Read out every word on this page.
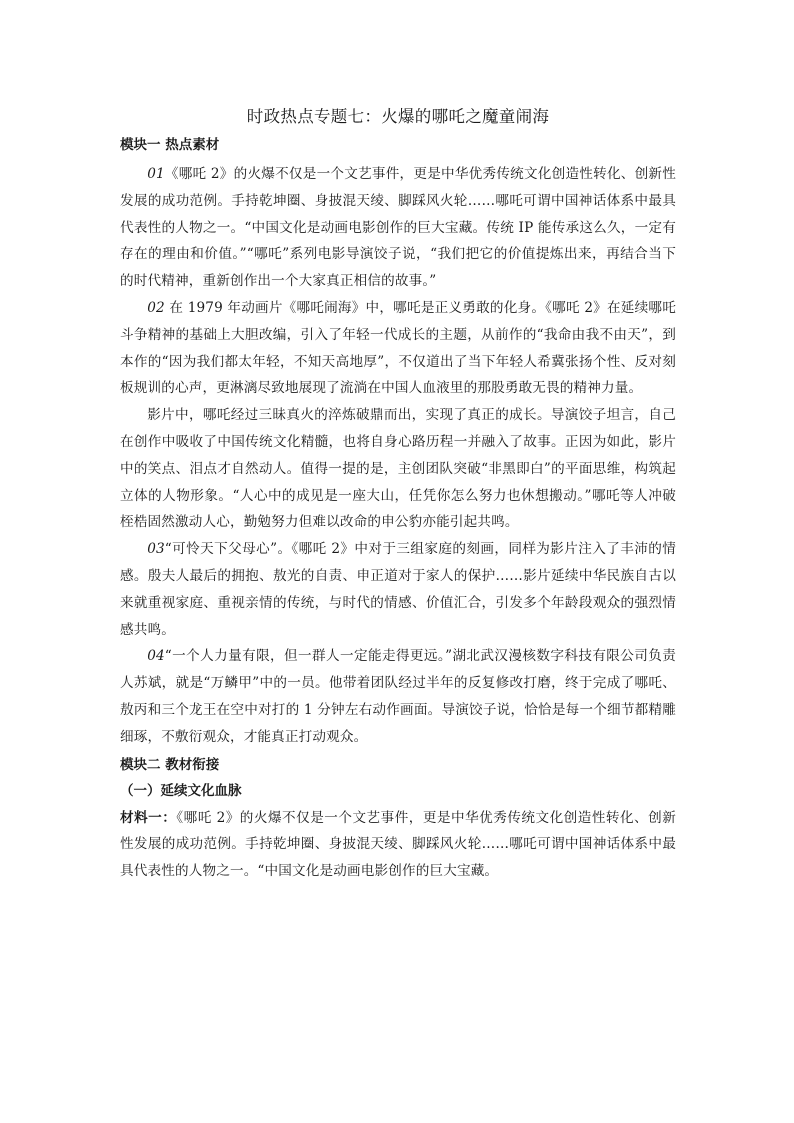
时政热点专题七：火爆的哪吒之魔童闹海
模块一 热点素材

01《哪吒 2》的火爆不仅是一个文艺事件，更是中华优秀传统文化创造性转化、创新性发展的成功范例。手持乾坤圈、身披混天绫、脚踩风火轮……哪吒可谓中国神话体系中最具代表性的人物之一。“中国文化是动画电影创作的巨大宝藏。传统 IP 能传承这么久，一定有存在的理由和价值。”“哪吒”系列电影导演饺子说，“我们把它的价值提炼出来，再结合当下的时代精神，重新创作出一个大家真正相信的故事。”

02 在 1979 年动画片《哪吒闹海》中，哪吒是正义勇敢的化身。《哪吒 2》在延续哪吒斗争精神的基础上大胆改编，引入了年轻一代成长的主题，从前作的“我命由我不由天”，到本作的“因为我们都太年轻，不知天高地厚”，不仅道出了当下年轻人希冀张扬个性、反对刻板规训的心声，更淋漓尽致地展现了流淌在中国人血液里的那股勇敢无畏的精神力量。

影片中，哪吒经过三昧真火的淬炼破鼎而出，实现了真正的成长。导演饺子坦言，自己在创作中吸收了中国传统文化精髓，也将自身心路历程一并融入了故事。正因为如此，影片中的笑点、泪点才自然动人。值得一提的是，主创团队突破“非黑即白”的平面思维，构筑起立体的人物形象。“人心中的成见是一座大山，任凭你怎么努力也休想搬动。”哪吒等人冲破桎梏固然激动人心，勤勉努力但难以改命的申公豹亦能引起共鸣。

03“可怜天下父母心”。《哪吒 2》中对于三组家庭的刻画，同样为影片注入了丰沛的情感。殷夫人最后的拥抱、敖光的自责、申正道对于家人的保护……影片延续中华民族自古以来就重视家庭、重视亲情的传统，与时代的情感、价值汇合，引发多个年龄段观众的强烈情感共鸣。

04“一个人力量有限，但一群人一定能走得更远。”湖北武汉漫核数字科技有限公司负责人苏斌，就是“万鳞甲”中的一员。他带着团队经过半年的反复修改打磨，终于完成了哪吒、敖丙和三个龙王在空中对打的 1 分钟左右动作画面。导演饺子说，恰恰是每一个细节都精雕细琢，不敷衍观众，才能真正打动观众。

模块二 教材衔接
（一）延续文化血脉

材料一：《哪吒 2》的火爆不仅是一个文艺事件，更是中华优秀传统文化创造性转化、创新性发展的成功范例。手持乾坤圈、身披混天绫、脚踩风火轮……哪吒可谓中国神话体系中最具代表性的人物之一。“中国文化是动画电影创作的巨大宝藏。
